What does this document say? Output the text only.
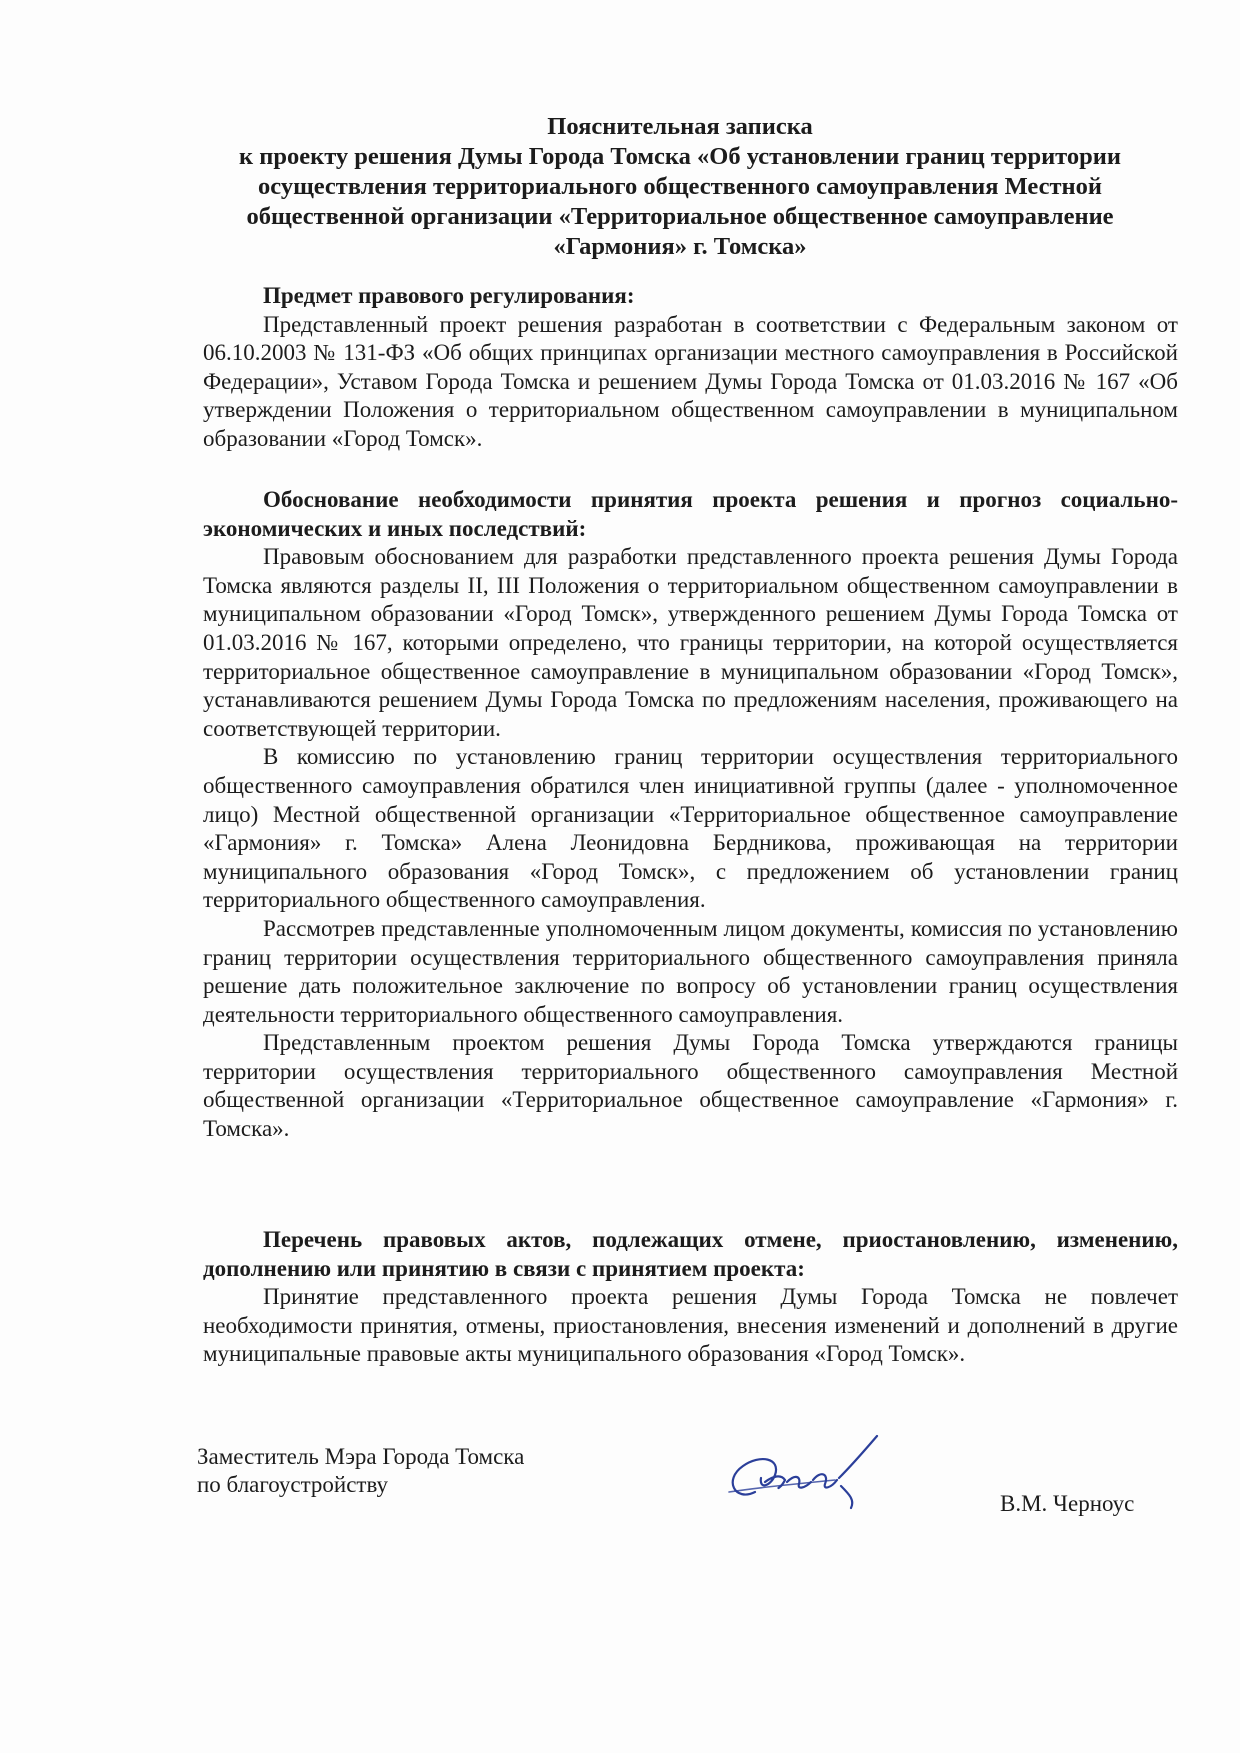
Пояснительная записка
к проекту решения Думы Города Томска «Об установлении границ территории
осуществления территориального общественного самоуправления Местной
общественной организации «Территориальное общественное самоуправление
«Гармония» г. Томска»
Предмет правового регулирования:
Представленный проект решения разработан в соответствии с Федеральным законом от 06.10.2003 № 131-ФЗ «Об общих принципах организации местного самоуправления в Российской Федерации», Уставом Города Томска и решением Думы Города Томска от 01.03.2016 № 167 «Об утверждении Положения о территориальном общественном самоуправлении в муниципальном образовании «Город Томск».
Обоснование необходимости принятия проекта решения и прогноз социально-экономических и иных последствий:
Правовым обоснованием для разработки представленного проекта решения Думы Города Томска являются разделы II, III Положения о территориальном общественном самоуправлении в муниципальном образовании «Город Томск», утвержденного решением Думы Города Томска от 01.03.2016 № 167, которыми определено, что границы территории, на которой осуществляется территориальное общественное самоуправление в муниципальном образовании «Город Томск», устанавливаются решением Думы Города Томска по предложениям населения, проживающего на соответствующей территории.
В комиссию по установлению границ территории осуществления территориального общественного самоуправления обратился член инициативной группы (далее - уполномоченное лицо) Местной общественной организации «Территориальное общественное самоуправление «Гармония» г. Томска» Алена Леонидовна Бердникова, проживающая на территории муниципального образования «Город Томск», с предложением об установлении границ территориального общественного самоуправления.
Рассмотрев представленные уполномоченным лицом документы, комиссия по установлению границ территории осуществления территориального общественного самоуправления приняла решение дать положительное заключение по вопросу об установлении границ осуществления деятельности территориального общественного самоуправления.
Представленным проектом решения Думы Города Томска утверждаются границы территории осуществления территориального общественного самоуправления Местной общественной организации «Территориальное общественное самоуправление «Гармония» г. Томска».
Перечень правовых актов, подлежащих отмене, приостановлению, изменению, дополнению или принятию в связи с принятием проекта:
Принятие представленного проекта решения Думы Города Томска не повлечет необходимости принятия, отмены, приостановления, внесения изменений и дополнений в другие муниципальные правовые акты муниципального образования «Город Томск».
Заместитель Мэра Города Томска
по благоустройству
В.М. Черноус
